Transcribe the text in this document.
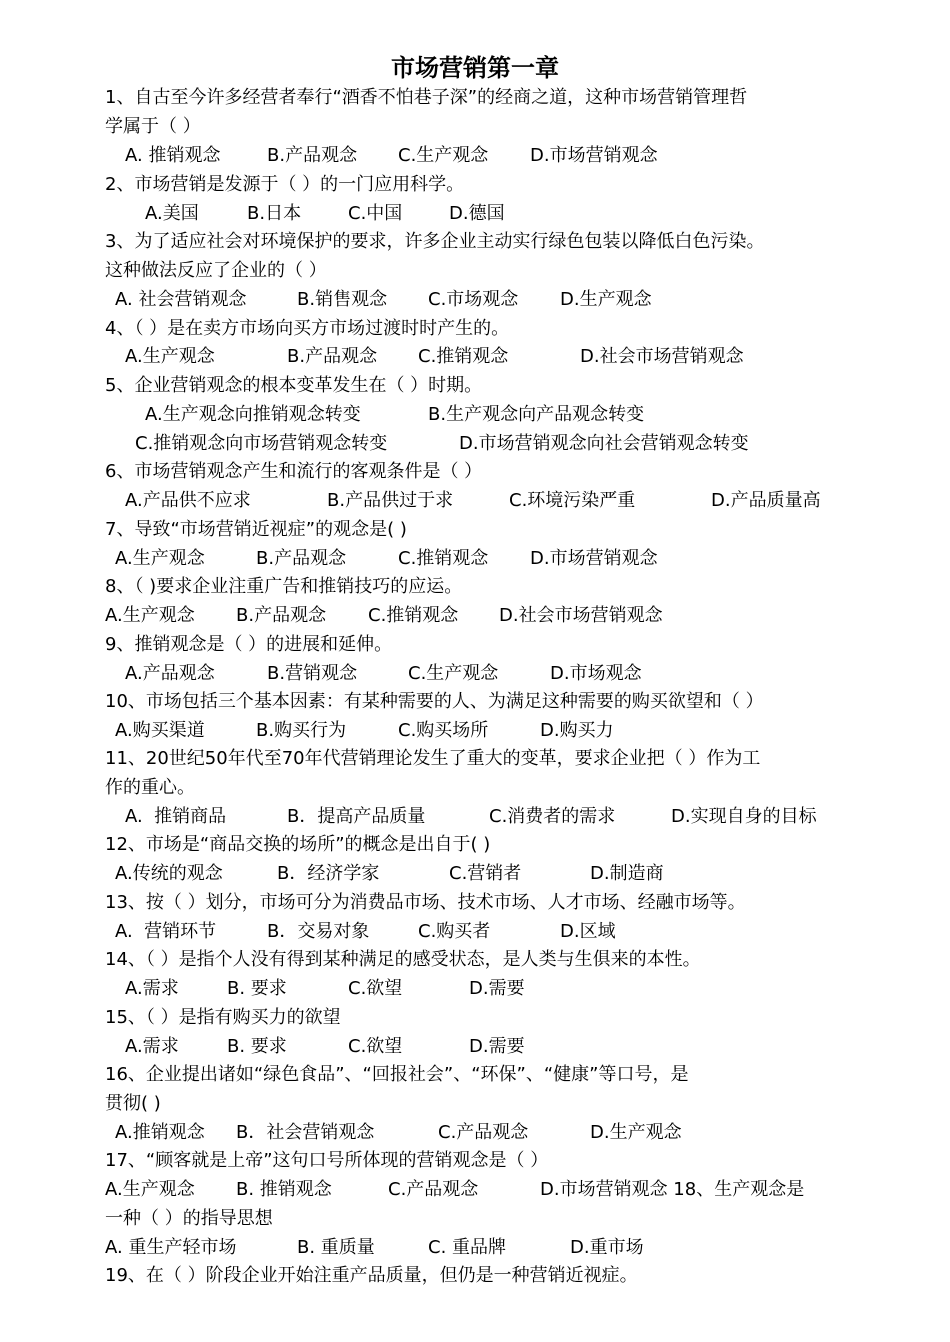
市场营销第一章
1、自古至今许多经营者奉行“酒香不怕巷子深”的经商之道，这种市场营销管理哲
学属于（ ）
A. 推销观念	B.产品观念 C.生产观念 D.市场营销观念
2、市场营销是发源于（ ）的一门应用科学。
A.美国	B.日本	C.中国	D.德国
3、为了适应社会对环境保护的要求，许多企业主动实行绿色包装以降低白色污染。
这种做法反应了企业的（ ）
A. 社会营销观念	B.销售观念 C.市场观念 D.生产观念
4、（ ）是在卖方市场向买方市场过渡时时产生的。
A.生产观念	B.产品观念 C.推销观念	D.社会市场营销观念
5、企业营销观念的根本变革发生在（ ）时期。
A.生产观念向推销观念转变	B.生产观念向产品观念转变
C.推销观念向市场营销观念转变	D.市场营销观念向社会营销观念转变
6、市场营销观念产生和流行的客观条件是（ ）
A.产品供不应求	B.产品供过于求	C.环境污染严重	D.产品质量高
7、导致“市场营销近视症”的观念是( )
A.生产观念	B.产品观念	C.推销观念 D.市场营销观念
8、（ )要求企业注重广告和推销技巧的应运。
A.生产观念 B.产品观念 C.推销观念 D.社会市场营销观念
9、推销观念是（ ）的进展和延伸。
A.产品观念	B.营销观念	C.生产观念	D.市场观念
10、市场包括三个基本因素：有某种需要的人、为满足这种需要的购买欲望和（ ）
A.购买渠道	B.购买行为	C.购买场所	D.购买力
11、20世纪50年代至70年代营销理论发生了重大的变革，要求企业把（ ）作为工
作的重心。
A.  推销商品	B．提高产品质量	C.消费者的需求	D.实现自身的目标
12、市场是“商品交换的场所”的概念是出自于( )
A.传统的观念	B．经济学家	C.营销者	D.制造商
13、按（ ）划分，市场可分为消费品市场、技术市场、人才市场、经融市场等。
A.  营销环节	B．交易对象	C.购买者	D.区域
14、（ ）是指个人没有得到某种满足的感受状态，是人类与生俱来的本性。
A.需求	B. 要求	C.欲望	D.需要
15、（ ）是指有购买力的欲望
A.需求	B. 要求	C.欲望	D.需要
16、企业提出诸如“绿色食品”、“回报社会”、“环保”、“健康”等口号，是
贯彻( )
A.推销观念 B．社会营销观念	C.产品观念	D.生产观念
17、“顾客就是上帝”这句口号所体现的营销观念是（ ）
A.生产观念 B. 推销观念	C.产品观念	D.市场营销观念 18、生产观念是
一种（ ）的指导思想
A. 重生产轻市场	B. 重质量	C. 重品牌	D.重市场
19、在（ ）阶段企业开始注重产品质量，但仍是一种营销近视症。
